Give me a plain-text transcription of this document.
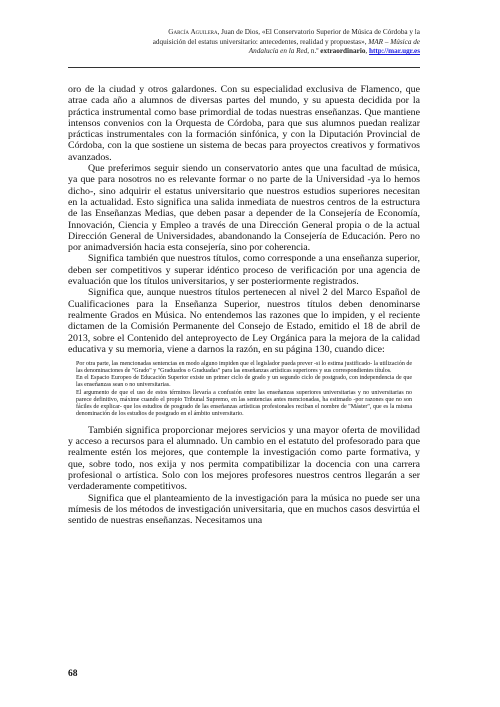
García Aguilera, Juan de Dios, «El Conservatorio Superior de Música de Córdoba y la
adquisición del estatus universitario: antecedentes, realidad y propuestas», MAR – Música de
Andalucía en la Red, n.º extraordinario, http://mar.ugr.es

oro de la ciudad y otros galardones. Con su especialidad exclusiva de Flamenco, que atrae cada año a alumnos de diversas partes del mundo, y su apuesta decidida por la práctica instrumental como base primordial de todas nuestras enseñanzas. Que mantiene intensos convenios con la Orquesta de Córdoba, para que sus alumnos puedan realizar prácticas instrumentales con la formación sinfónica, y con la Diputación Provincial de Córdoba, con la que sostiene un sistema de becas para proyectos creativos y formativos avanzados.

Que preferimos seguir siendo un conservatorio antes que una facultad de música, ya que para nosotros no es relevante formar o no parte de la Universidad -ya lo hemos dicho-, sino adquirir el estatus universitario que nuestros estudios superiores necesitan en la actualidad. Esto significa una salida inmediata de nuestros centros de la estructura de las Enseñanzas Medias, que deben pasar a depender de la Consejería de Economía, Innovación, Ciencia y Empleo a través de una Dirección General propia o de la actual Dirección General de Universidades, abandonando la Consejería de Educación. Pero no por animadversión hacia esta consejería, sino por coherencia.

Significa también que nuestros títulos, como corresponde a una enseñanza superior, deben ser competitivos y superar idéntico proceso de verificación por una agencia de evaluación que los títulos universitarios, y ser posteriormente registrados.

Significa que, aunque nuestros títulos pertenecen al nivel 2 del Marco Español de Cualificaciones para la Enseñanza Superior, nuestros títulos deben denominarse realmente Grados en Música. No entendemos las razones que lo impiden, y el reciente dictamen de la Comisión Permanente del Consejo de Estado, emitido el 18 de abril de 2013, sobre el Contenido del anteproyecto de Ley Orgánica para la mejora de la calidad educativa y su memoria, viene a darnos la razón, en su página 130, cuando dice:

Por otra parte, las mencionadas sentencias en modo alguno impiden que el legislador pueda prever -si lo estima justificado- la utilización de las denominaciones de "Grado" y "Graduados o Graduadas" para las enseñanzas artísticas superiores y sus correspondientes títulos.

En el Espacio Europeo de Educación Superior existe un primer ciclo de grado y un segundo ciclo de postgrado, con independencia de que las enseñanzas sean o no universitarias.

El argumento de que el uso de estos términos llevaría a confusión entre las enseñanzas superiores universitarias y no universitarias no parece definitivo, máxime cuando el propio Tribunal Supremo, en las sentencias antes mencionadas, ha estimado -por razones que no son fáciles de explicar- que los estudios de posgrado de las enseñanzas artísticas profesionales reciban el nombre de "Máster", que es la misma denominación de los estudios de postgrado en el ámbito universitario.

También significa proporcionar mejores servicios y una mayor oferta de movilidad y acceso a recursos para el alumnado. Un cambio en el estatuto del profesorado para que realmente estén los mejores, que contemple la investigación como parte formativa, y que, sobre todo, nos exija y nos permita compatibilizar la docencia con una carrera profesional o artística. Solo con los mejores profesores nuestros centros llegarán a ser verdaderamente competitivos.

Significa que el planteamiento de la investigación para la música no puede ser una mímesis de los métodos de investigación universitaria, que en muchos casos desvirtúa el sentido de nuestras enseñanzas. Necesitamos una

68
